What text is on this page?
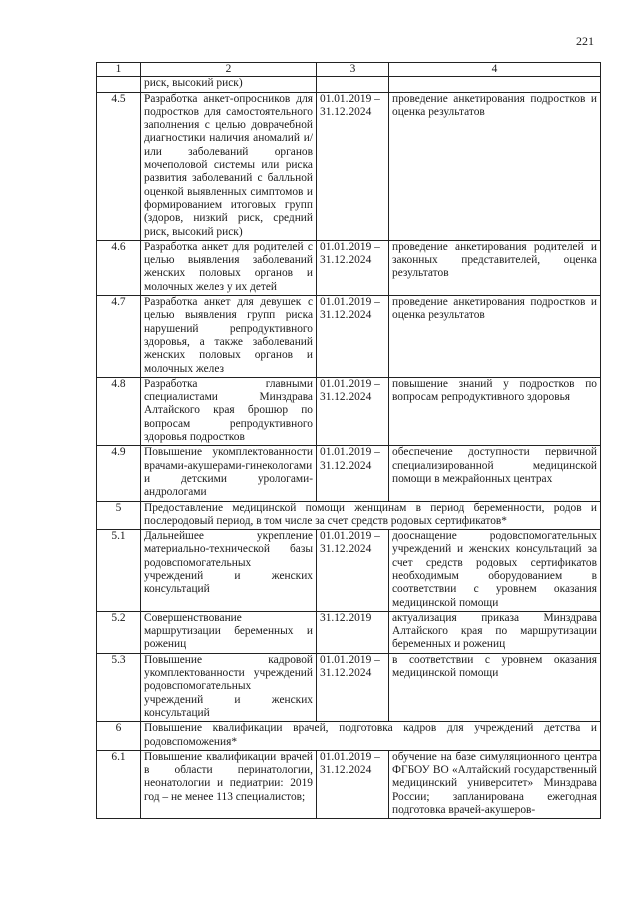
221
1	2	3	4
	риск, высокий риск)		
4.5	Разработка анкет-опросников для подростков для самостоятельного заполнения с целью доврачебной диагностики наличия аномалий и/или заболеваний органов мочеполовой системы или риска развития заболеваний с балльной оценкой выявленных симптомов и формированием итоговых групп (здоров, низкий риск, средний риск, высокий риск)	01.01.2019 – 31.12.2024	проведение анкетирования подростков и оценка результатов
4.6	Разработка анкет для родителей с целью выявления заболеваний женских половых органов и молочных желез у их детей	01.01.2019 – 31.12.2024	проведение анкетирования родителей и законных представителей, оценка результатов
4.7	Разработка анкет для девушек с целью выявления групп риска нарушений репродуктивного здоровья, а также заболеваний женских половых органов и молочных желез	01.01.2019 – 31.12.2024	проведение анкетирования подростков и оценка результатов
4.8	Разработка главными специалистами Минздрава Алтайского края брошюр по вопросам репродуктивного здоровья подростков	01.01.2019 – 31.12.2024	повышение знаний у подростков по вопросам репродуктивного здоровья
4.9	Повышение укомплектованности врачами-акушерами-гинекологами и детскими урологами-андрологами	01.01.2019 – 31.12.2024	обеспечение доступности первичной специализированной медицинской помощи в межрайонных центрах
5	Предоставление медицинской помощи женщинам в период беременности, родов и послеродовый период, в том числе за счет средств родовых сертификатов*		
5.1	Дальнейшее укрепление материально-технической базы родовспомогательных учреждений и женских консультаций	01.01.2019 – 31.12.2024	дооснащение родовспомогательных учреждений и женских консультаций за счет средств родовых сертификатов необходимым оборудованием в соответствии с уровнем оказания медицинской помощи
5.2	Совершенствование маршрутизации беременных и рожениц	31.12.2019	актуализация приказа Минздрава Алтайского края по маршрутизации беременных и рожениц
5.3	Повышение кадровой укомплектованности учреждений родовспомогательных учреждений и женских консультаций	01.01.2019 – 31.12.2024	в соответствии с уровнем оказания медицинской помощи
6	Повышение квалификации врачей, подготовка кадров для учреждений детства и родовспоможения*		
6.1	Повышение квалификации врачей в области перинатологии, неонатологии и педиатрии: 2019 год – не менее 113 специалистов;	01.01.2019 – 31.12.2024	обучение на базе симуляционного центра ФГБОУ ВО «Алтайский государственный медицинский университет» Минздрава России; запланирована ежегодная подготовка врачей-акушеров-
